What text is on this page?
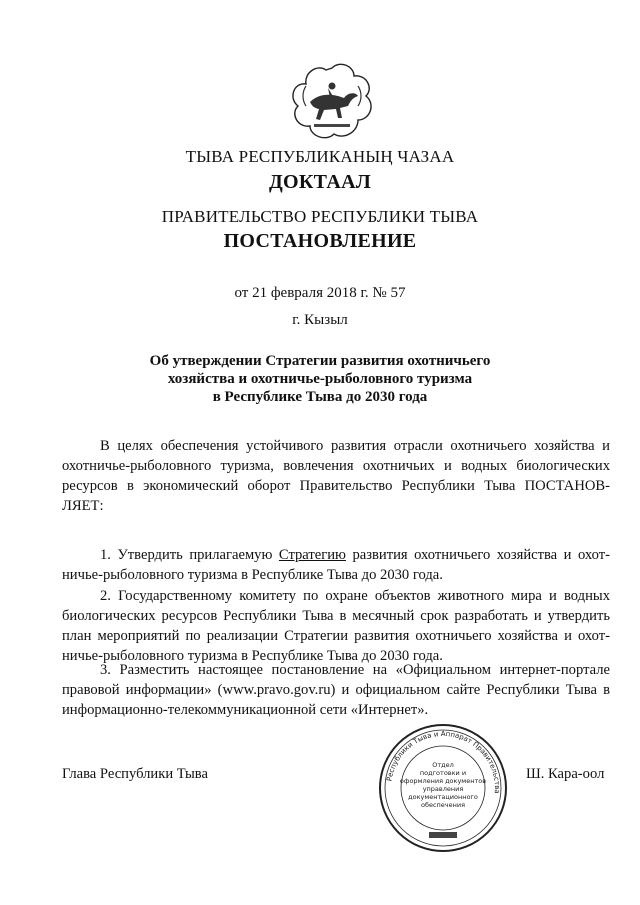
ТЫВА РЕСПУБЛИКАНЫҢ ЧАЗАА
ДОКТААЛ
ПРАВИТЕЛЬСТВО РЕСПУБЛИКИ ТЫВА
ПОСТАНОВЛЕНИЕ
от 21 февраля 2018 г. № 57
г. Кызыл
Об утверждении Стратегии развития охотничьего
хозяйства и охотничье-рыболовного туризма
в Республике Тыва до 2030 года

В целях обеспечения устойчивого развития отрасли охотничьего хозяйства и охотничье-рыболовного туризма, вовлечения охотничьих и водных биологических ресурсов в экономический оборот Правительство Республики Тыва ПОСТАНОВ-ЛЯЕТ:

1. Утвердить прилагаемую Стратегию развития охотничьего хозяйства и охот-ничье-рыболовного туризма в Республике Тыва до 2030 года.

2. Государственному комитету по охране объектов животного мира и водных биологических ресурсов Республики Тыва в месячный срок разработать и утвердить план мероприятий по реализации Стратегии развития охотничьего хозяйства и охот-ничье-рыболовного туризма в Республике Тыва до 2030 года.

3. Разместить настоящее постановление на «Официальном интернет-портале правовой информации» (www.pravo.gov.ru) и официальном сайте Республики Тыва в информационно-телекоммуникационной сети «Интернет».

Глава Республики Тыва	Ш. Кара-оол
Республики Тыва и Аппарат Правительства
Отдел
подготовки и
оформления документов
управления
документационного
обеспечения
